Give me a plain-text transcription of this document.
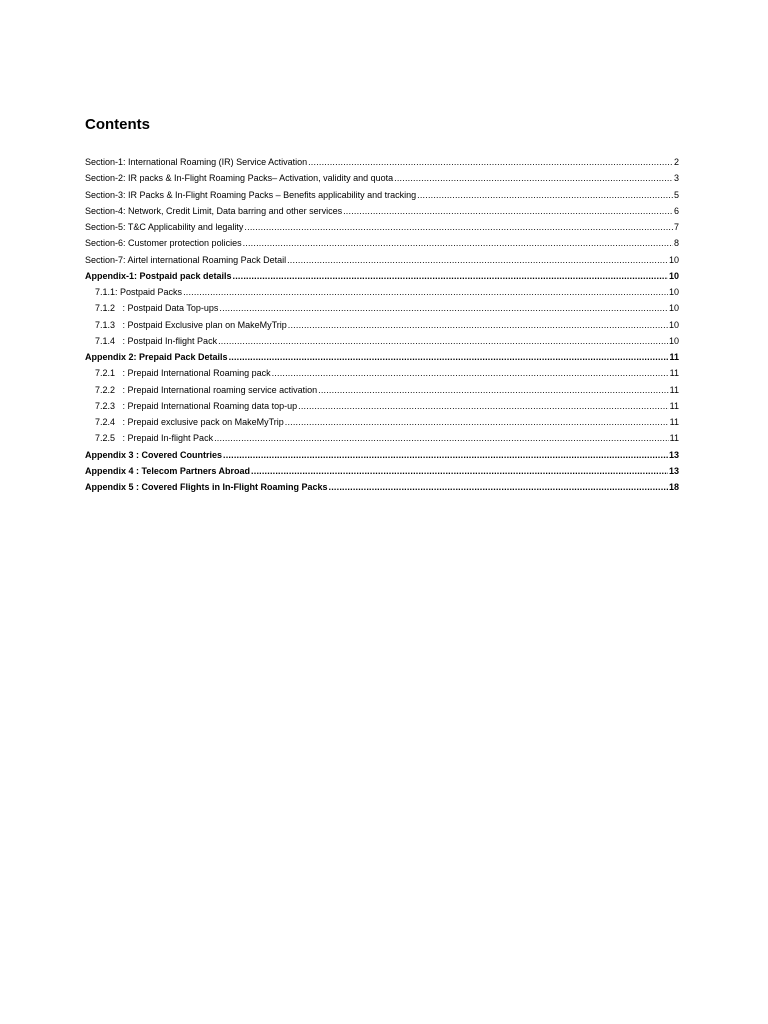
Contents
Section-1: International Roaming (IR) Service Activation .....	2
Section-2: IR packs & In-Flight Roaming Packs– Activation, validity and quota .....	3
Section-3: IR Packs & In-Flight Roaming Packs – Benefits applicability and tracking .....	5
Section-4: Network, Credit Limit, Data barring and other services .....	6
Section-5: T&C Applicability and legality .....	7
Section-6: Customer protection policies .....	8
Section-7: Airtel international Roaming Pack Detail .....	10
Appendix-1: Postpaid pack details .....	10
7.1.1: Postpaid Packs .....	10
7.1.2   : Postpaid Data Top-ups .....	10
7.1.3   : Postpaid Exclusive plan on MakeMyTrip .....	10
7.1.4   : Postpaid In-flight Pack .....	10
Appendix 2: Prepaid Pack Details .....	11
7.2.1   : Prepaid International Roaming pack .....	11
7.2.2   : Prepaid International roaming service activation .....	11
7.2.3   : Prepaid International Roaming data top-up .....	11
7.2.4   : Prepaid exclusive pack on MakeMyTrip .....	11
7.2.5   : Prepaid In-flight Pack .....	11
Appendix 3 : Covered Countries .....	13
Appendix 4 : Telecom Partners Abroad .....	13
Appendix 5 : Covered Flights in In-Flight Roaming Packs .....	18
